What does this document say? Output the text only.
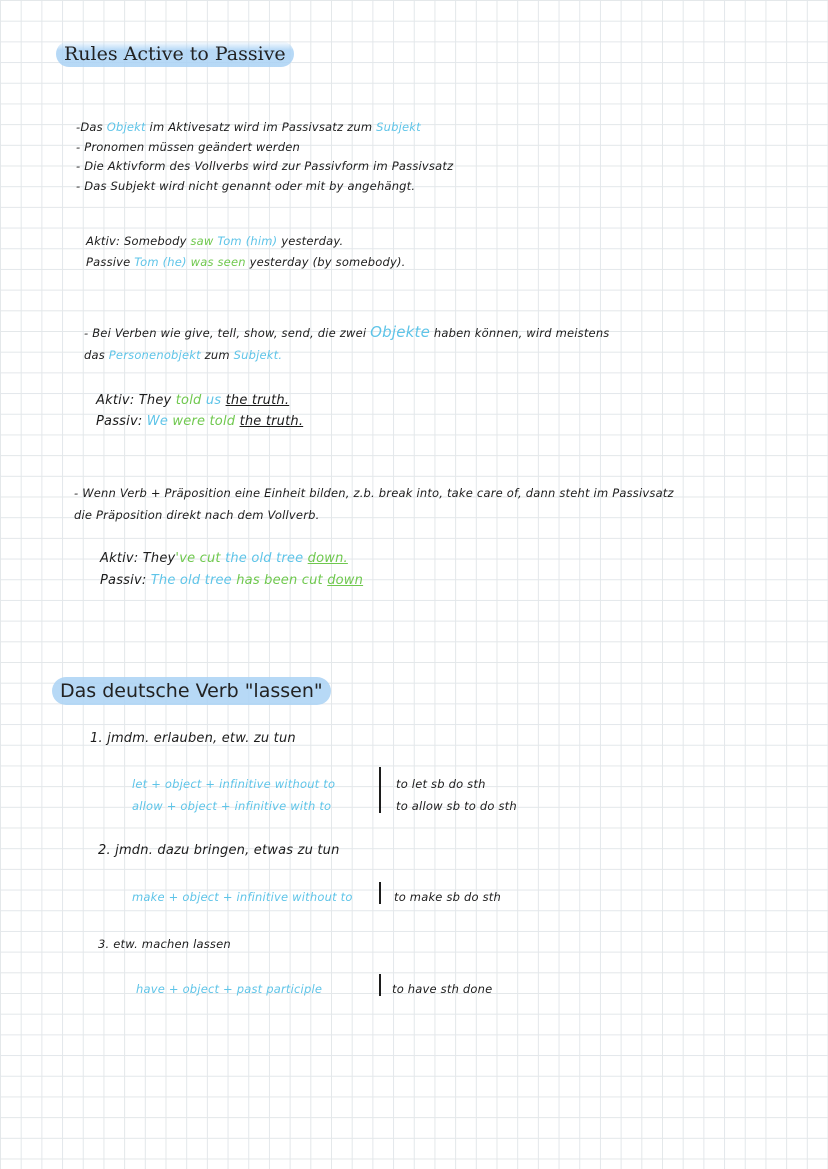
Rules Active to Passive
-Das Objekt im Aktivesatz wird im Passivsatz zum Subjekt
- Pronomen müssen geändert werden
- Die Aktivform des Vollverbs wird zur Passivform im Passivsatz
- Das Subjekt wird nicht genannt oder mit by angehängt.
Aktiv: Somebody saw Tom (him) yesterday.
Passive Tom (he) was seen yesterday (by somebody).
- Bei Verben wie give, tell, show, send, die zwei Objekte haben können, wird meistens
das Personenobjekt zum Subjekt.
Aktiv: They told us the truth.
Passiv: We were told the truth.
- Wenn Verb + Präposition eine Einheit bilden, z.b. break into, take care of, dann steht im Passivsatz
die Präposition direkt nach dem Vollverb.
Aktiv: They've cut the old tree down.
Passiv: The old tree has been cut down
Das deutsche Verb "lassen"
1. jmdm. erlauben, etw. zu tun
let + object + infinitive without to
allow + object + infinitive with to
to let sb do sth
to allow sb to do sth
2. jmdn. dazu bringen, etwas zu tun
make + object + infinitive without to	to make sb do sth
3. etw. machen lassen
have + object + past participle	to have sth done
